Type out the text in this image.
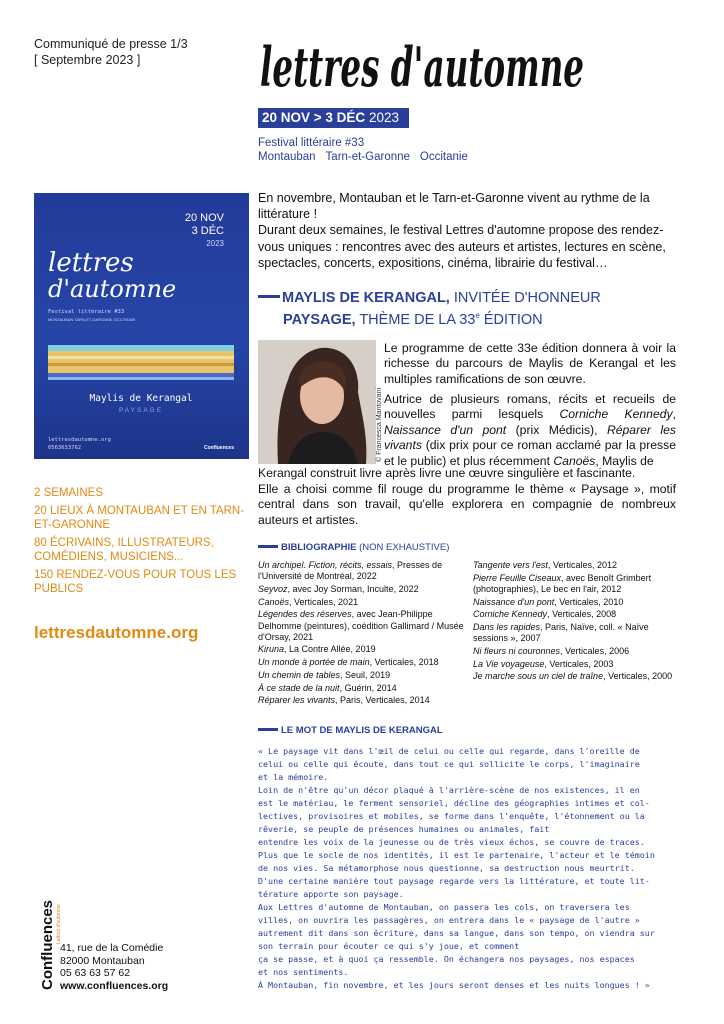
Communiqué de presse 1/3
[ Septembre 2023 ]	lettres d'automne
20 NOV > 3 DÉC 2023
Festival littéraire #33
Montauban Tarn-et-Garonne Occitanie
20 NOV
3 DÉC
2023
lettres
d'automne
Festival littéraire #33
MONTAUBAN TARN-ET-GARONNE OCCITANIE
Maylis de Kerangal
PAYSAGE
lettresdautomne.org
0563633762	Confluences
2 SEMAINES
20 LIEUX À MONTAUBAN ET EN TARN-ET-GARONNE
80 ÉCRIVAINS, ILLUSTRATEURS, COMÉDIENS, MUSICIENS...
150 RENDEZ-VOUS POUR TOUS LES PUBLICS
lettresdautomne.org
En novembre, Montauban et le Tarn-et-Garonne vivent au rythme de la littérature !
Durant deux semaines, le festival Lettres d'automne propose des rendez-vous uniques : rencontres avec des auteurs et artistes, lectures en scène, spectacles, concerts, expositions, cinéma, librairie du festival…
MAYLIS DE KERANGAL, INVITÉE D'HONNEUR
PAYSAGE, THÈME DE LA 33e ÉDITION
© Francesca Mantovani
Le programme de cette 33e édition donnera à voir la richesse du parcours de Maylis de Kerangal et les multiples ramifications de son œuvre.
Autrice de plusieurs romans, récits et recueils de nouvelles parmi lesquels Corniche Kennedy, Naissance d'un pont (prix Médicis), Réparer les vivants (dix prix pour ce roman acclamé par la presse et le public) et plus récemment Canoës, Maylis de
Kerangal construit livre après livre une œuvre singulière et fascinante.
Elle a choisi comme fil rouge du programme le thème « Paysage », motif central dans son travail, qu'elle explorera en compagnie de nombreux auteurs et artistes.
BIBLIOGRAPHIE (NON EXHAUSTIVE)
Un archipel. Fiction, récits, essais, Presses de l'Université de Montréal, 2022
Seyvoz, avec Joy Sorman, Inculte, 2022
Canoës, Verticales, 2021
Légendes des réserves, avec Jean-Philippe Delhomme (peintures), coédition Gallimard / Musée d'Orsay, 2021
Kiruna, La Contre Allée, 2019
Un monde à portée de main, Verticales, 2018
Un chemin de tables, Seuil, 2019
À ce stade de la nuit, Guérin, 2014
Réparer les vivants, Paris, Verticales, 2014
Tangente vers l'est, Verticales, 2012
Pierre Feuille Ciseaux, avec Benoît Grimbert (photographies), Le bec en l'air, 2012
Naissance d'un pont, Verticales, 2010
Corniche Kennedy, Verticales, 2008
Dans les rapides, Paris, Naïve, coll. « Naïve sessions », 2007
Ni fleurs ni couronnes, Verticales, 2006
La Vie voyageuse, Verticales, 2003
Je marche sous un ciel de traîne, Verticales, 2000
LE MOT DE MAYLIS DE KERANGAL
« Le paysage vit dans l'œil de celui ou celle qui regarde, dans l'oreille de
celui ou celle qui écoute, dans tout ce qui sollicite le corps, l'imaginaire
et la mémoire.
Loin de n'être qu'un décor plaqué à l'arrière-scène de nos existences, il en
est le matériau, le ferment sensoriel, décline des géographies intimes et col-
lectives, provisoires et mobiles, se forme dans l'enquête, l'étonnement ou la
rêverie, se peuple de présences humaines ou animales, fait
entendre les voix de la jeunesse ou de très vieux échos, se couvre de traces.
Plus que le socle de nos identités, il est le partenaire, l'acteur et le témoin
de nos vies. Sa métamorphose nous questionne, sa destruction nous meurtrit.
D'une certaine manière tout paysage regarde vers la littérature, et toute lit-
térature apporte son paysage.
Aux Lettres d'automne de Montauban, on passera les cols, on traversera les
villes, on ouvrira les passagères, on entrera dans le « paysage de l'autre »
autrement dit dans son écriture, dans sa langue, dans son tempo, on viendra sur
son terrain pour écouter ce qui s'y joue, et comment
ça se passe, et à quoi ça ressemble. On échangera nos paysages, nos espaces
et nos sentiments.
À Montauban, fin novembre, et les jours seront denses et les nuits longues ! »
Confluences Lettres d'automne
41, rue de la Comédie
82000 Montauban
05 63 63 57 62
www.confluences.org
